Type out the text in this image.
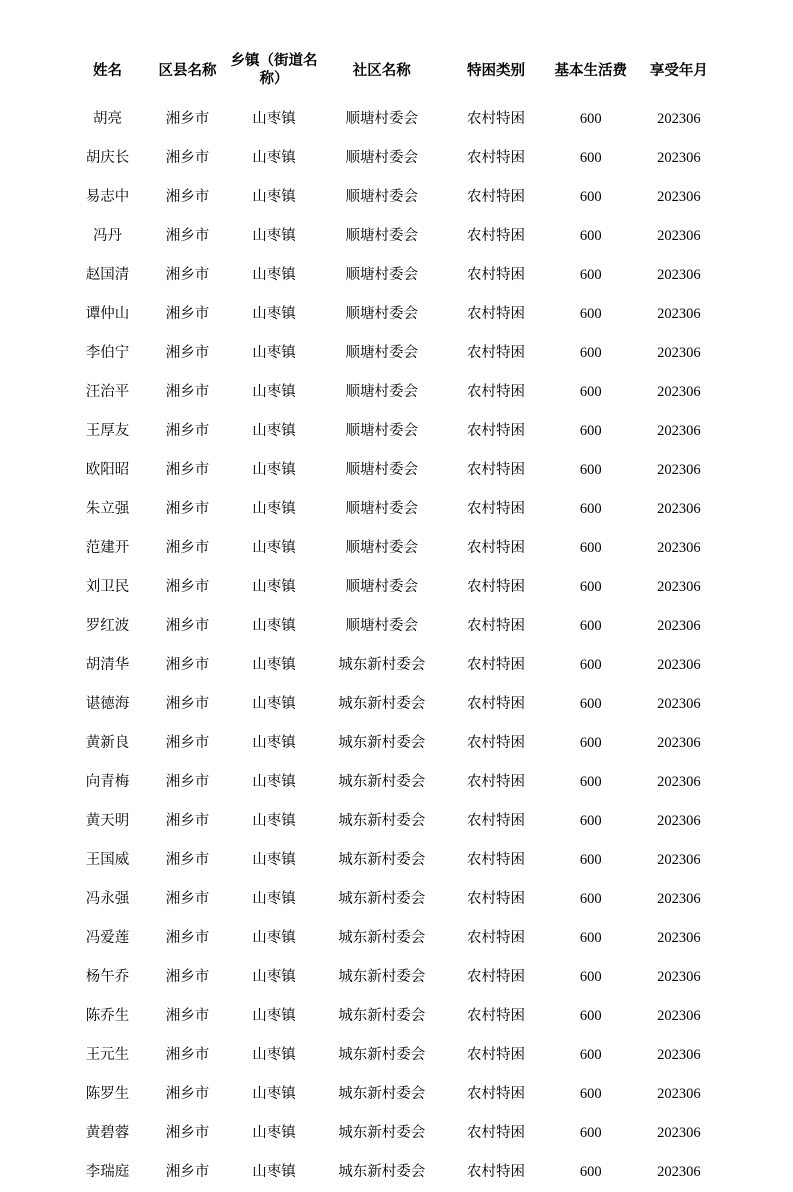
姓名	区县名称	乡镇（街道名称）	社区名称	特困类别	基本生活费	享受年月
胡亮	湘乡市	山枣镇	顺塘村委会	农村特困	600	202306
胡庆长	湘乡市	山枣镇	顺塘村委会	农村特困	600	202306
易志中	湘乡市	山枣镇	顺塘村委会	农村特困	600	202306
冯丹	湘乡市	山枣镇	顺塘村委会	农村特困	600	202306
赵国清	湘乡市	山枣镇	顺塘村委会	农村特困	600	202306
谭仲山	湘乡市	山枣镇	顺塘村委会	农村特困	600	202306
李伯宁	湘乡市	山枣镇	顺塘村委会	农村特困	600	202306
汪治平	湘乡市	山枣镇	顺塘村委会	农村特困	600	202306
王厚友	湘乡市	山枣镇	顺塘村委会	农村特困	600	202306
欧阳昭	湘乡市	山枣镇	顺塘村委会	农村特困	600	202306
朱立强	湘乡市	山枣镇	顺塘村委会	农村特困	600	202306
范建开	湘乡市	山枣镇	顺塘村委会	农村特困	600	202306
刘卫民	湘乡市	山枣镇	顺塘村委会	农村特困	600	202306
罗红波	湘乡市	山枣镇	顺塘村委会	农村特困	600	202306
胡清华	湘乡市	山枣镇	城东新村委会	农村特困	600	202306
谌德海	湘乡市	山枣镇	城东新村委会	农村特困	600	202306
黄新良	湘乡市	山枣镇	城东新村委会	农村特困	600	202306
向青梅	湘乡市	山枣镇	城东新村委会	农村特困	600	202306
黄天明	湘乡市	山枣镇	城东新村委会	农村特困	600	202306
王国威	湘乡市	山枣镇	城东新村委会	农村特困	600	202306
冯永强	湘乡市	山枣镇	城东新村委会	农村特困	600	202306
冯爱莲	湘乡市	山枣镇	城东新村委会	农村特困	600	202306
杨午乔	湘乡市	山枣镇	城东新村委会	农村特困	600	202306
陈乔生	湘乡市	山枣镇	城东新村委会	农村特困	600	202306
王元生	湘乡市	山枣镇	城东新村委会	农村特困	600	202306
陈罗生	湘乡市	山枣镇	城东新村委会	农村特困	600	202306
黄碧蓉	湘乡市	山枣镇	城东新村委会	农村特困	600	202306
李瑞庭	湘乡市	山枣镇	城东新村委会	农村特困	600	202306
